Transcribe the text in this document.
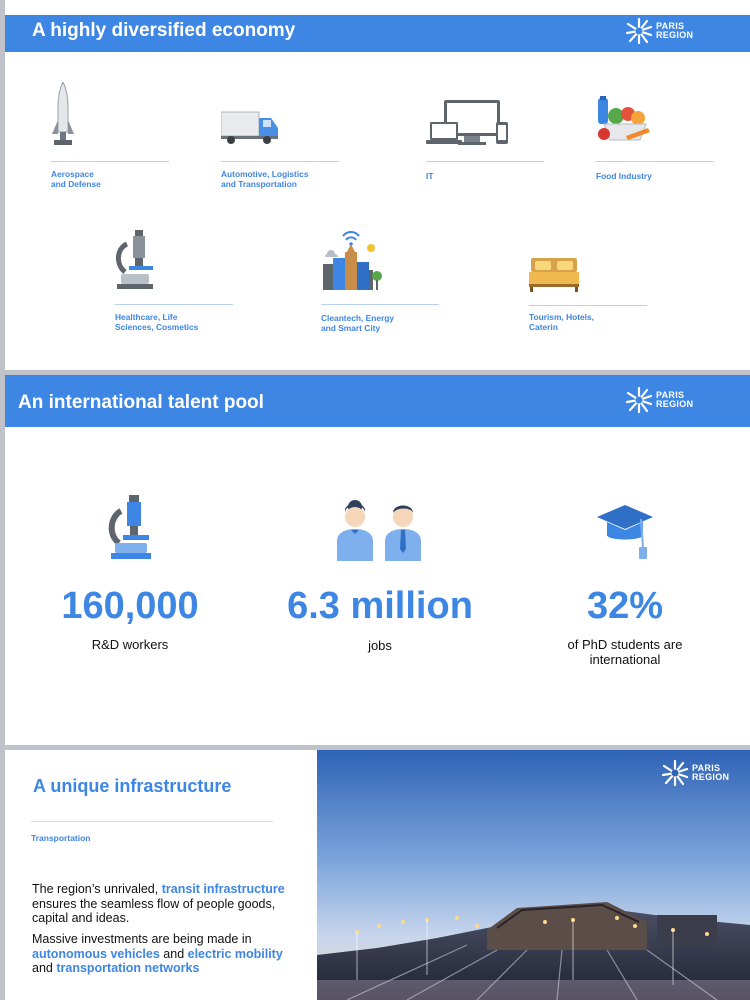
A highly diversified economy	PARIS
REGION
Aerospace
and Defense
Automotive, Logistics
and Transportation
IT	Food Industry
Healthcare, Life
Sciences, Cosmetics
Cleantech, Energy
and Smart City
Tourism, Hotels,
Caterin
An international talent pool	PARIS
REGION
160,000
R&D workers
6.3 million
jobs
32%
of PhD students are
international
A unique infrastructure
Transportation
The region’s unrivaled, transit infrastructure ensures the seamless flow of people goods, capital and ideas.
Massive investments are being made in autonomous vehicles and electric mobility and transportation networks
PARIS
REGION
